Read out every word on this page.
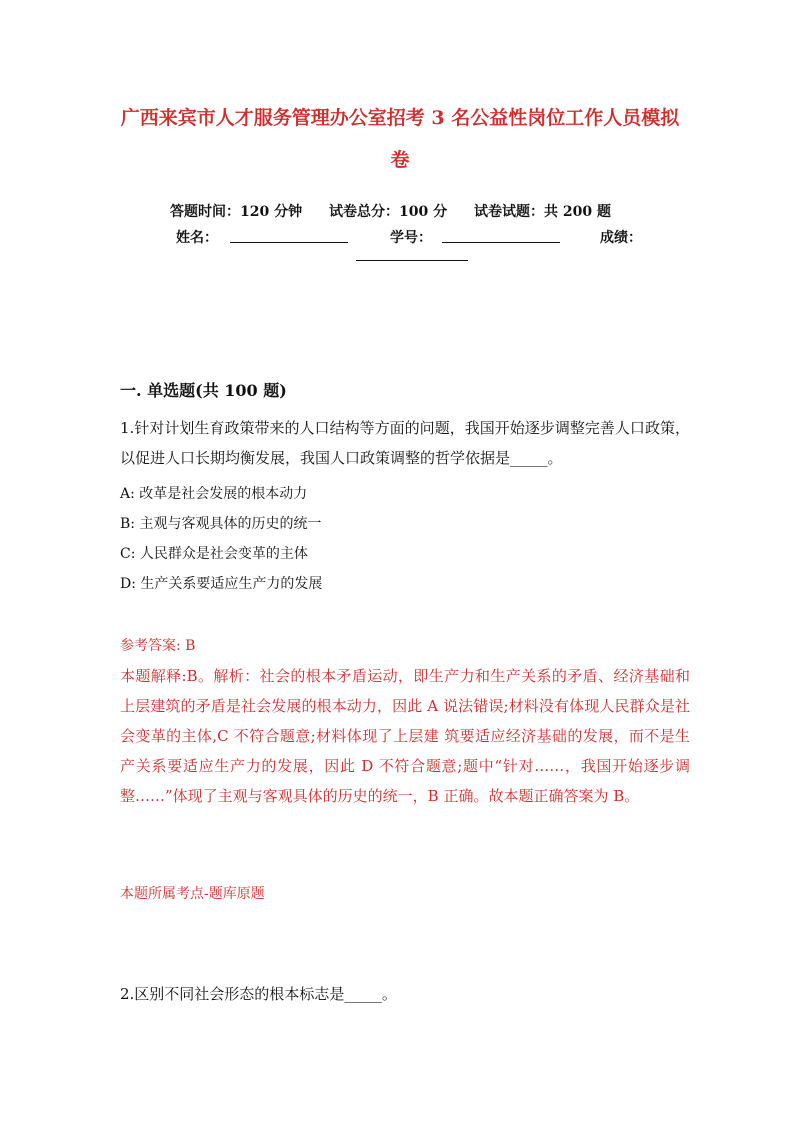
广西来宾市人才服务管理办公室招考 3 名公益性岗位工作人员模拟
卷
答题时间：120 分钟 试卷总分：100 分 试卷试题：共 200 题
姓名：	学号：	成绩：
一. 单选题(共 100 题)
1.针对计划生育政策带来的人口结构等方面的问题，我国开始逐步调整完善人口政策，以促进人口长期均衡发展，我国人口政策调整的哲学依据是_____。
A: 改革是社会发展的根本动力
B: 主观与客观具体的历史的统一
C: 人民群众是社会变革的主体
D: 生产关系要适应生产力的发展
参考答案: B
本题解释:B。解析：社会的根本矛盾运动，即生产力和生产关系的矛盾、经济基础和上层建筑的矛盾是社会发展的根本动力，因此 A 说法错误;材料没有体现人民群众是社会变革的主体,C 不符合题意;材料体现了上层建 筑要适应经济基础的发展，而不是生产关系要适应生产力的发展，因此 D 不符合题意;题中“针对……，我国开始逐步调整……”体现了主观与客观具体的历史的统一，B 正确。故本题正确答案为 B。
本题所属考点-题库原题
2.区别不同社会形态的根本标志是_____。
